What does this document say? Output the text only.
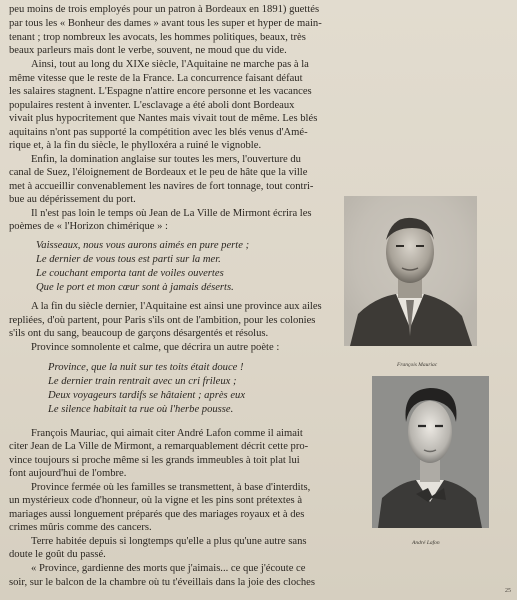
peu moins de trois employés pour un patron à Bordeaux en 1891) guettés
par tous les « Bonheur des dames » avant tous les super et hyper de main-
tenant ; trop nombreux les avocats, les hommes politiques, beaux, très
beaux parleurs mais dont le verbe, souvent, ne moud que du vide.
Ainsi, tout au long du XIXe siècle, l'Aquitaine ne marche pas à la
même vitesse que le reste de la France. La concurrence faisant défaut
les salaires stagnent. L'Espagne n'attire encore personne et les vacances
populaires restent à inventer. L'esclavage a été aboli dont Bordeaux
vivait plus hypocritement que Nantes mais vivait tout de même. Les blés
aquitains n'ont pas supporté la compétition avec les blés venus d'Amé-
rique et, à la fin du siècle, le phylloxéra a ruiné le vignoble.
Enfin, la domination anglaise sur toutes les mers, l'ouverture du
canal de Suez, l'éloignement de Bordeaux et le peu de hâte que la ville
met à accueillir convenablement les navires de fort tonnage, tout contri-
bue au dépérissement du port.
Il n'est pas loin le temps où Jean de La Ville de Mirmont écrira les
poèmes de « l'Horizon chimérique » :
Vaisseaux, nous vous aurons aimés en pure perte ;
Le dernier de vous tous est parti sur la mer.
Le couchant emporta tant de voiles ouvertes
Que le port et mon cœur sont à jamais déserts.
A la fin du siècle dernier, l'Aquitaine est ainsi une province aux ailes
repliées, d'où partent, pour Paris s'ils ont de l'ambition, pour les colonies
s'ils ont du sang, beaucoup de garçons désargentés et résolus.
Province somnolente et calme, que décrira un autre poète :
Province, que la nuit sur tes toits était douce !
Le dernier train rentrait avec un cri frileux ;
Deux voyageurs tardifs se hâtaient ; après eux
Le silence habitait ta rue où l'herbe pousse.
François Mauriac, qui aimait citer André Lafon comme il aimait
citer Jean de La Ville de Mirmont, a remarquablement décrit cette pro-
vince toujours si proche même si les grands immeubles à toit plat lui
font aujourd'hui de l'ombre.
Province fermée où les familles se transmettent, à base d'interdits,
un mystérieux code d'honneur, où la vigne et les pins sont prétextes à
mariages aussi longuement préparés que des mariages royaux et à des
crimes mûris comme des cancers.
Terre habitée depuis si longtemps qu'elle a plus qu'une autre sans
doute le goût du passé.
« Province, gardienne des morts que j'aimais... ce que j'écoute ce
soir, sur le balcon de la chambre où tu t'éveillais dans la joie des cloches
François Mauriac
André Lafon
25
